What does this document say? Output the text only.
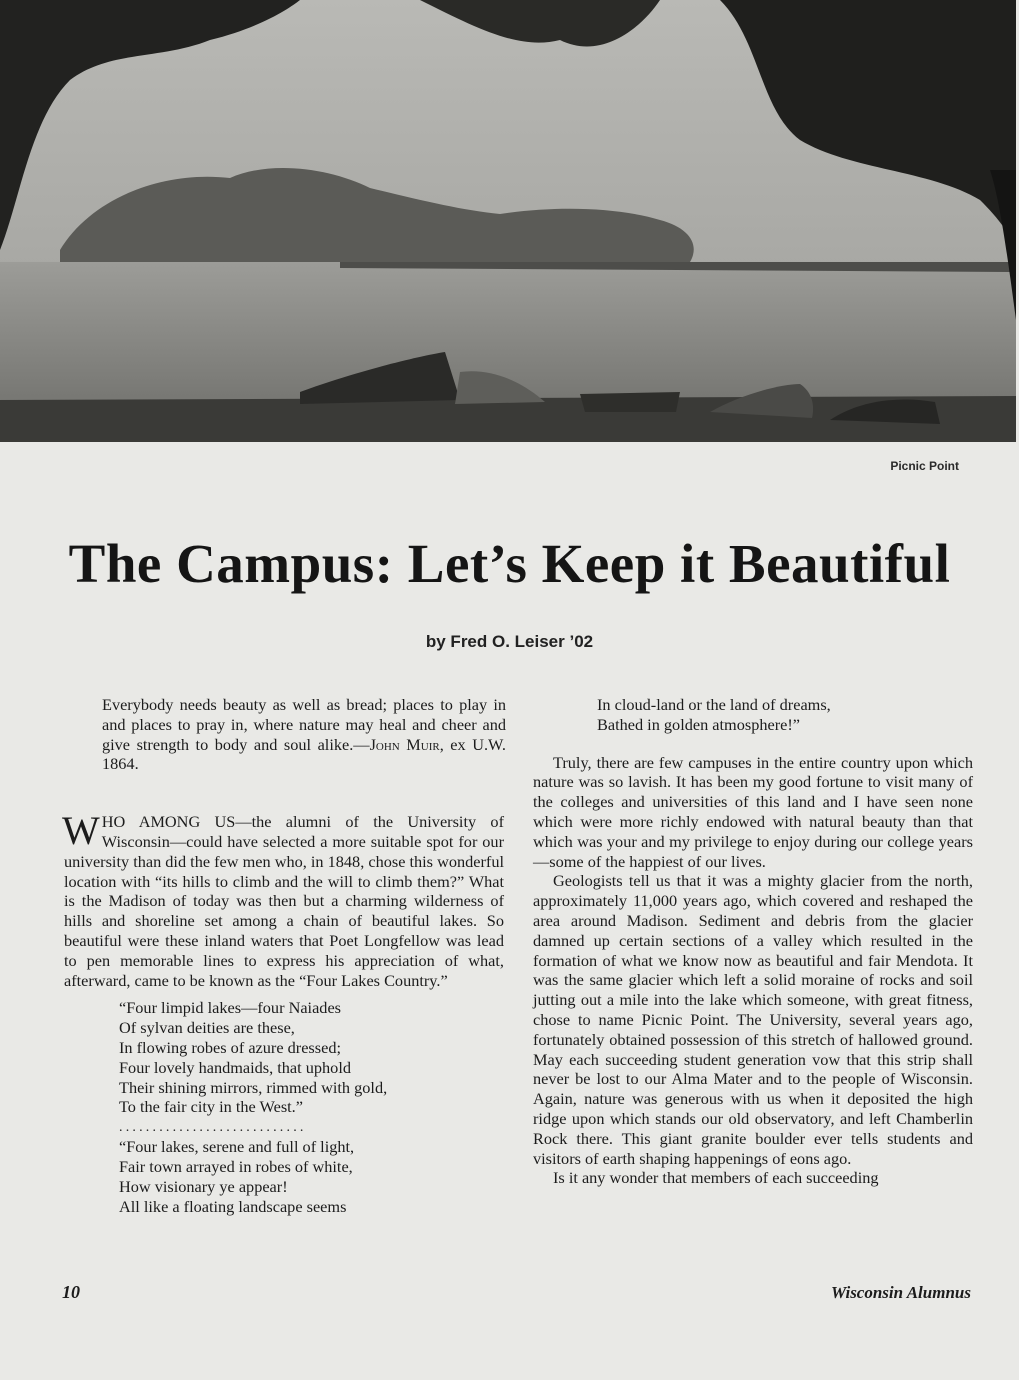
Picnic Point
The Campus: Let’s Keep it Beautiful
by Fred O. Leiser ’02

Everybody needs beauty as well as bread; places to play in and places to pray in, where nature may heal and cheer and give strength to body and soul alike.—John Muir, ex U.W. 1864.

WHO AMONG US—the alumni of the University of Wisconsin—could have selected a more suitable spot for our university than did the few men who, in 1848, chose this wonderful location with “its hills to climb and the will to climb them?” What is the Madison of today was then but a charming wilderness of hills and shoreline set among a chain of beautiful lakes. So beautiful were these inland waters that Poet Longfellow was lead to pen memorable lines to express his appreciation of what, afterward, came to be known as the “Four Lakes Country.”

“Four limpid lakes—four Naiades
Of sylvan deities are these,
In flowing robes of azure dressed;
Four lovely handmaids, that uphold
Their shining mirrors, rimmed with gold,
To the fair city in the West.”
............................
“Four lakes, serene and full of light,
Fair town arrayed in robes of white,
How visionary ye appear!
All like a floating landscape seems
In cloud-land or the land of dreams,
Bathed in golden atmosphere!”

Truly, there are few campuses in the entire country upon which nature was so lavish. It has been my good fortune to visit many of the colleges and universities of this land and I have seen none which were more richly endowed with natural beauty than that which was your and my privilege to enjoy during our college years—some of the happiest of our lives.

Geologists tell us that it was a mighty glacier from the north, approximately 11,000 years ago, which covered and reshaped the area around Madison. Sediment and debris from the glacier damned up certain sections of a valley which resulted in the formation of what we know now as beautiful and fair Mendota. It was the same glacier which left a solid moraine of rocks and soil jutting out a mile into the lake which someone, with great fitness, chose to name Picnic Point. The University, several years ago, fortunately obtained possession of this stretch of hallowed ground. May each succeeding student generation vow that this strip shall never be lost to our Alma Mater and to the people of Wisconsin. Again, nature was generous with us when it deposited the high ridge upon which stands our old observatory, and left Chamberlin Rock there. This giant granite boulder ever tells students and visitors of earth shaping happenings of eons ago.

Is it any wonder that members of each succeeding

10	Wisconsin Alumnus
